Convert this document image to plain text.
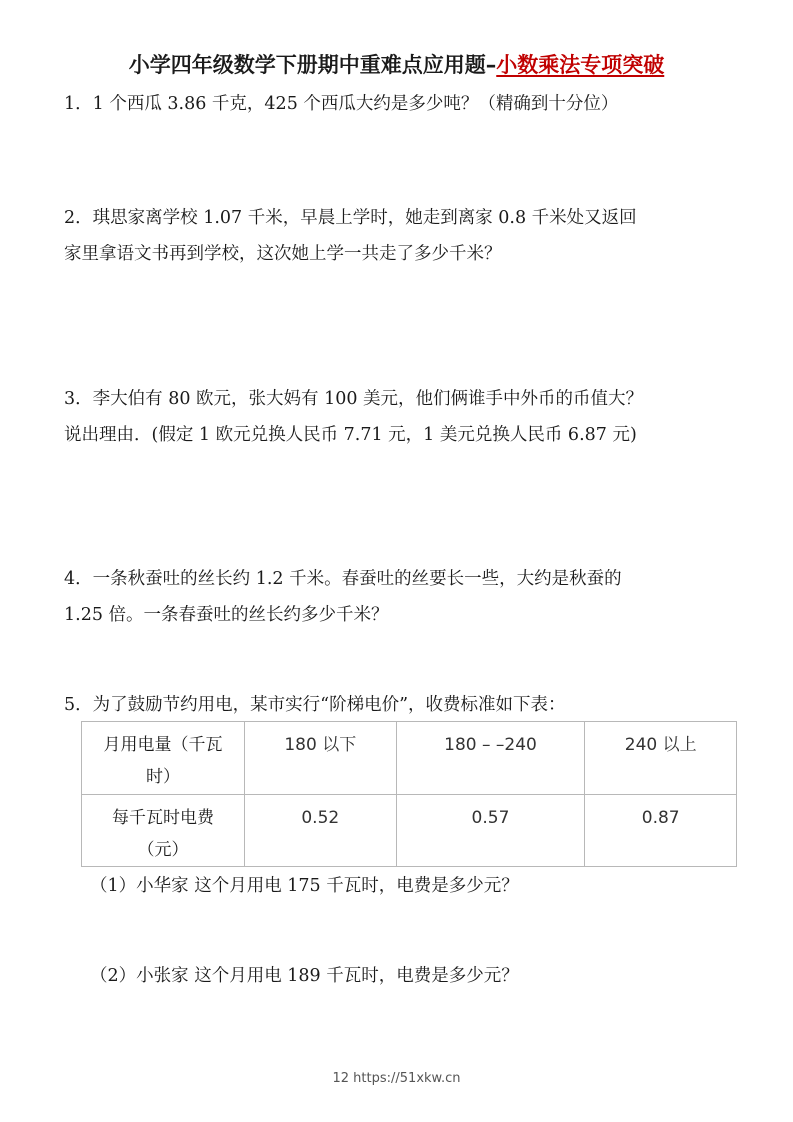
小学四年级数学下册期中重难点应用题–小数乘法专项突破
1．1 个西瓜 3.86 千克，425 个西瓜大约是多少吨？（精确到十分位）
2．琪思家离学校 1.07 千米，早晨上学时，她走到离家 0.8 千米处又返回
家里拿语文书再到学校，这次她上学一共走了多少千米？
3．李大伯有 80 欧元，张大妈有 100 美元，他们俩谁手中外币的币值大？
说出理由．(假定 1 欧元兑换人民币 7.71 元，1 美元兑换人民币 6.87 元)
4．一条秋蚕吐的丝长约 1.2 千米。春蚕吐的丝要长一些，大约是秋蚕的
1.25 倍。一条春蚕吐的丝长约多少千米？
5．为了鼓励节约用电，某市实行“阶梯电价”，收费标准如下表：
月用电量（千瓦
时）	180 以下	180 – –240	240 以上
每千瓦时电费
（元）	0.52	0.57	0.87
（1）小华家 这个月用电 175 千瓦时，电费是多少元？
（2）小张家 这个月用电 189 千瓦时，电费是多少元？
12 https://51xkw.cn
